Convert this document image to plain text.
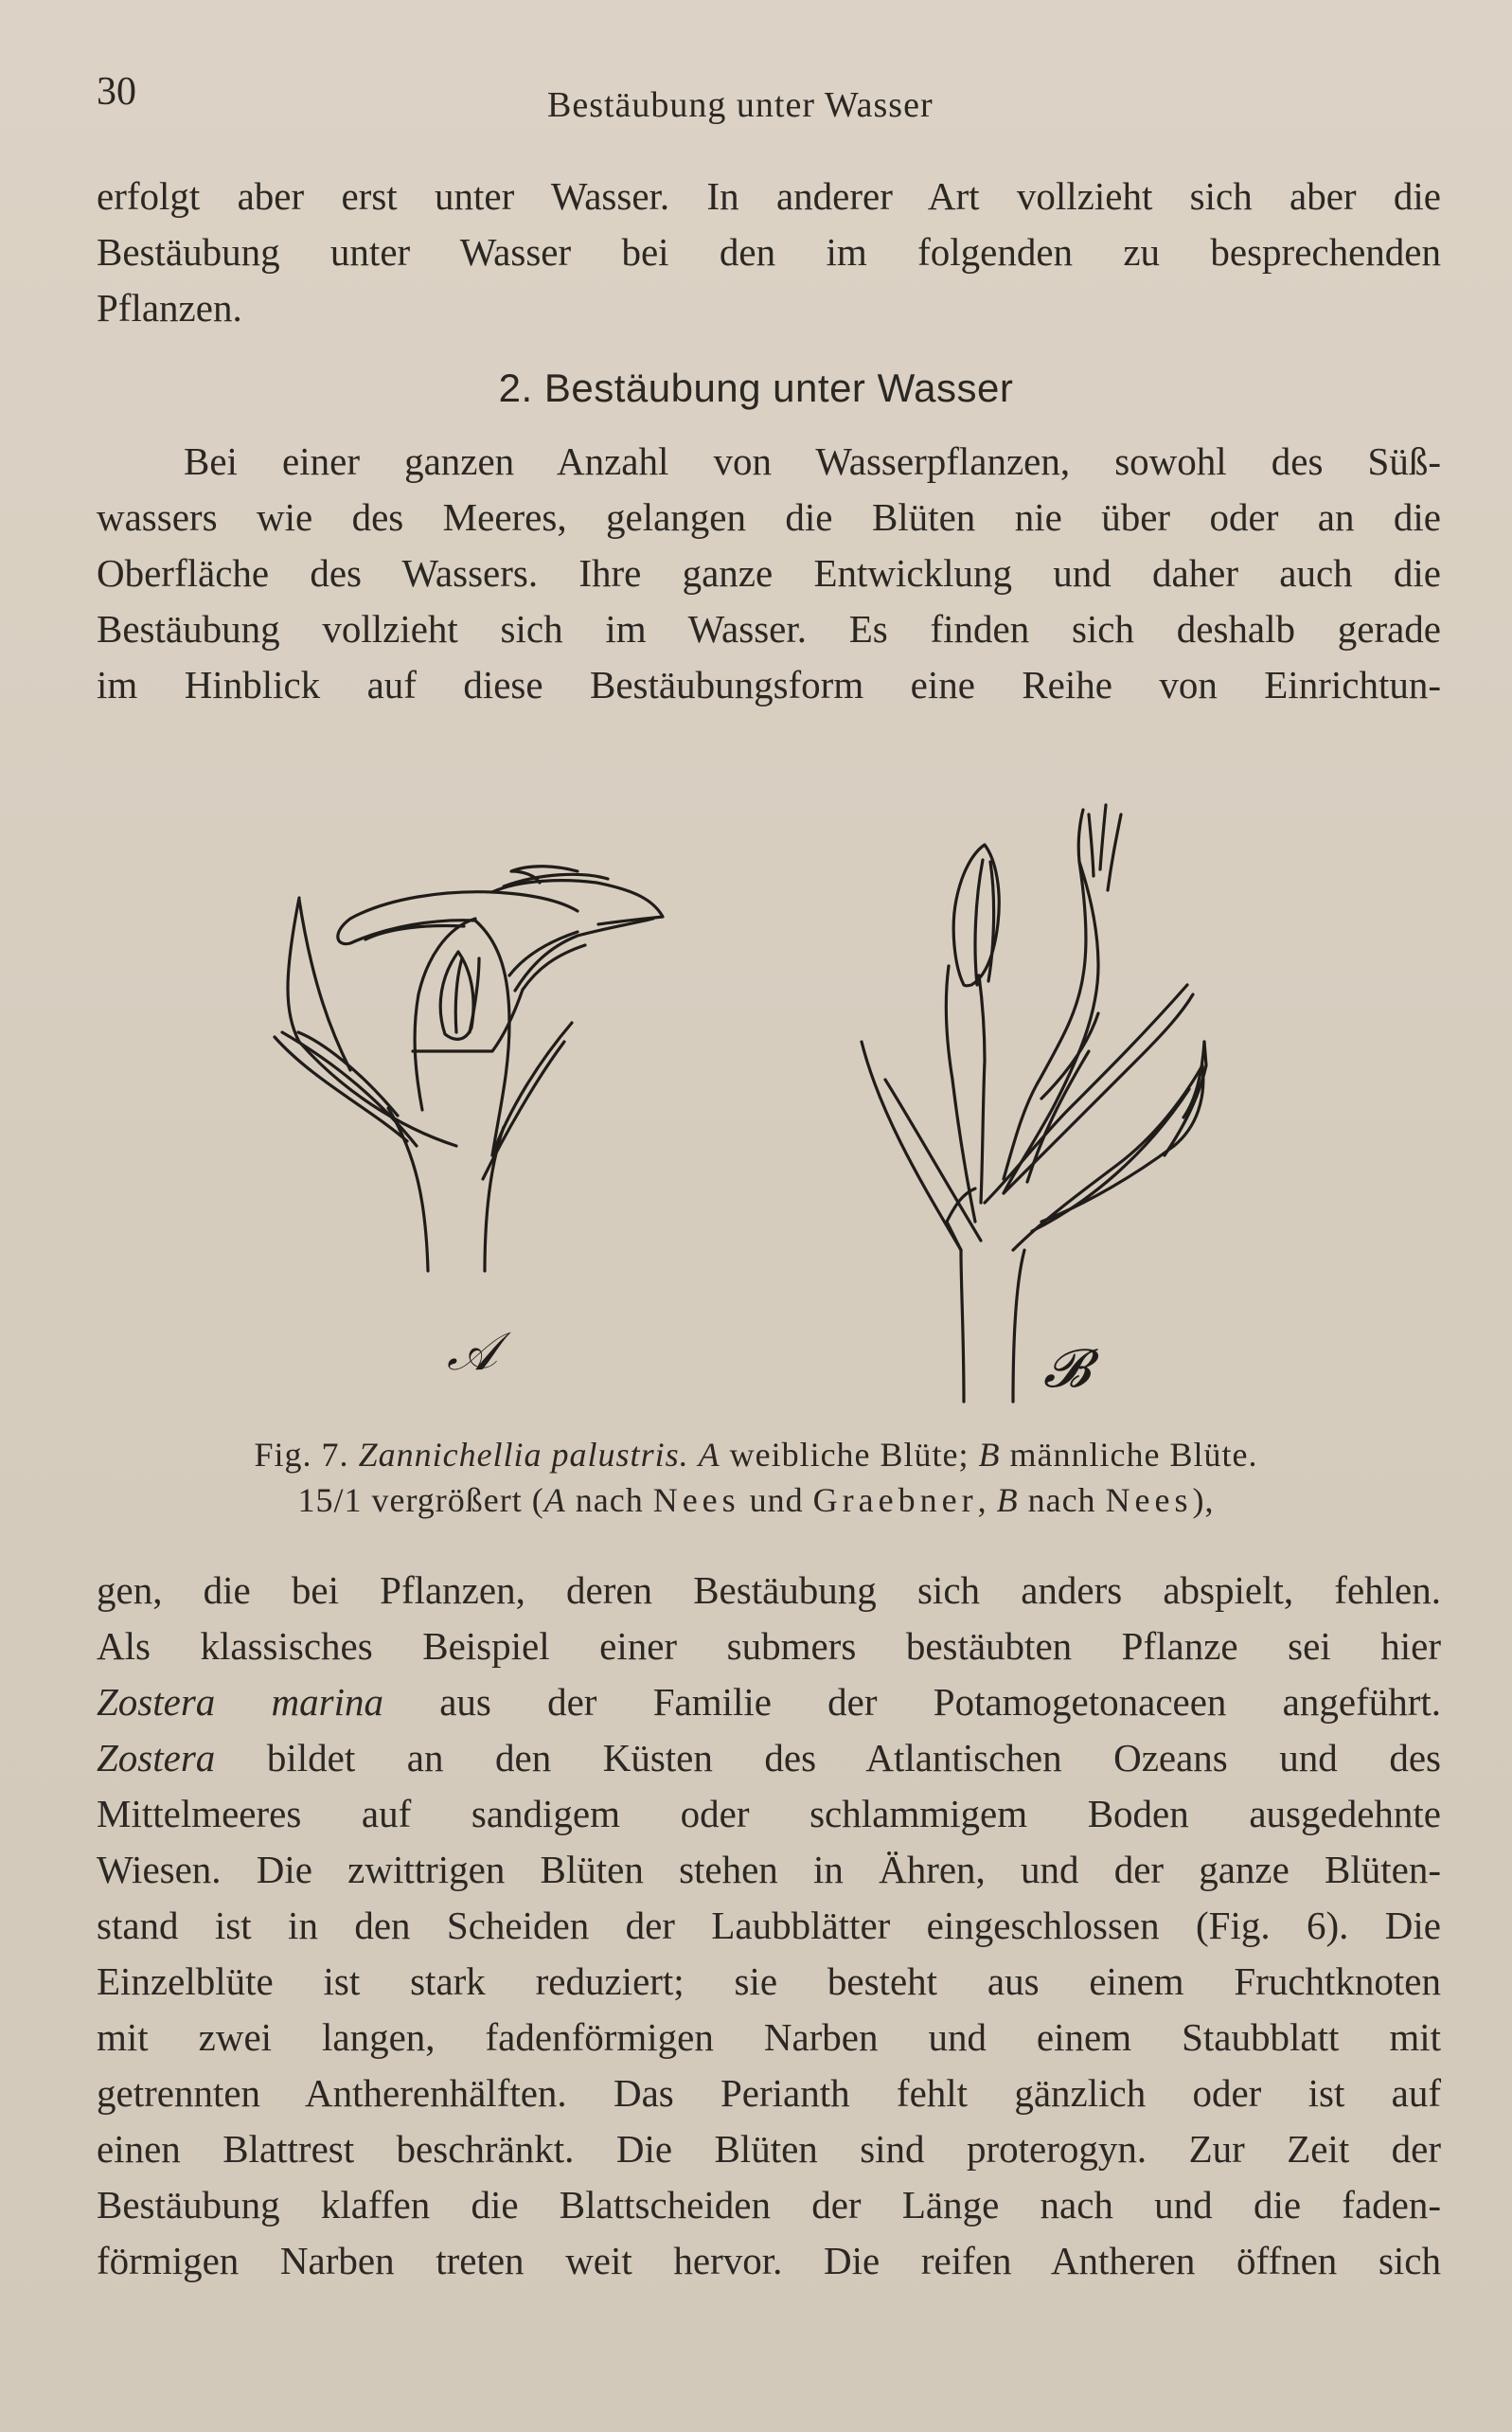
30	Bestäubung unter Wasser
erfolgt aber erst unter Wasser. In anderer Art vollzieht sich aber die
Bestäubung unter Wasser bei den im folgenden zu besprechenden
Pflanzen.
2. Bestäubung unter Wasser
Bei einer ganzen Anzahl von Wasserpflanzen, sowohl des Süß-
wassers wie des Meeres, gelangen die Blüten nie über oder an die
Oberfläche des Wassers. Ihre ganze Entwicklung und daher auch die
Bestäubung vollzieht sich im Wasser. Es finden sich deshalb gerade
im Hinblick auf diese Bestäubungsform eine Reihe von Einrichtun-
𝒜	𝓑
Fig. 7. Zannichellia palustris. A weibliche Blüte; B männliche Blüte.
15/1 vergrößert (A nach Nees und Graebner, B nach Nees),
gen, die bei Pflanzen, deren Bestäubung sich anders abspielt, fehlen.
Als klassisches Beispiel einer submers bestäubten Pflanze sei hier
Zostera marina aus der Familie der Potamogetonaceen angeführt.
Zostera bildet an den Küsten des Atlantischen Ozeans und des
Mittelmeeres auf sandigem oder schlammigem Boden ausgedehnte
Wiesen. Die zwittrigen Blüten stehen in Ähren, und der ganze Blüten-
stand ist in den Scheiden der Laubblätter eingeschlossen (Fig. 6). Die
Einzelblüte ist stark reduziert; sie besteht aus einem Fruchtknoten
mit zwei langen, fadenförmigen Narben und einem Staubblatt mit
getrennten Antherenhälften. Das Perianth fehlt gänzlich oder ist auf
einen Blattrest beschränkt. Die Blüten sind proterogyn. Zur Zeit der
Bestäubung klaffen die Blattscheiden der Länge nach und die faden-
förmigen Narben treten weit hervor. Die reifen Antheren öffnen sich
